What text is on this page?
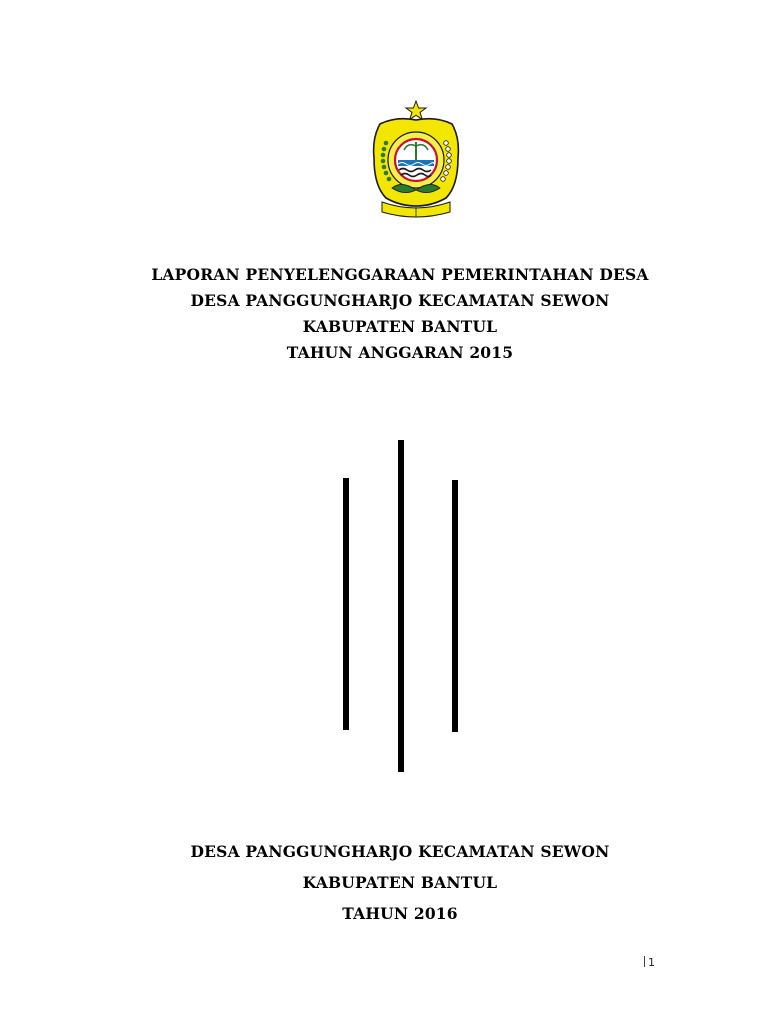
LAPORAN PENYELENGGARAAN PEMERINTAHAN DESA
DESA PANGGUNGHARJO KECAMATAN SEWON
KABUPATEN BANTUL
TAHUN ANGGARAN 2015
DESA PANGGUNGHARJO KECAMATAN SEWON
KABUPATEN BANTUL
TAHUN 2016
1
